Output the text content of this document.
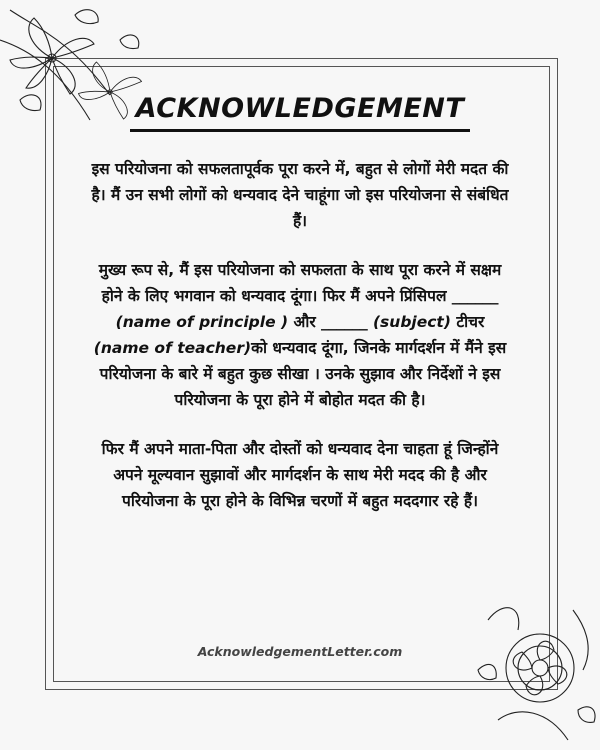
ACKNOWLEDGEMENT

इस परियोजना को सफलतापूर्वक पूरा करने में, बहुत से लोगों मेरी मदत की है। मैं उन सभी लोगों को धन्यवाद देने चाहूंगा जो इस परियोजना से संबंधित हैं।

मुख्य रूप से, मैं इस परियोजना को सफलता के साथ पूरा करने में सक्षम होने के लिए भगवान को धन्यवाद दूंगा। फिर मैं अपने प्रिंसिपल ______ (name of principle ) और ______ (subject) टीचर (name of teacher)को धन्यवाद दूंगा, जिनके मार्गदर्शन में मैंने इस परियोजना के बारे में बहुत कुछ सीखा । उनके सुझाव और निर्देशों ने इस परियोजना के पूरा होने में बोहोत मदत की है।

फिर मैं अपने माता-पिता और दोस्तों को धन्यवाद देना चाहता हूं जिन्होंने अपने मूल्यवान सुझावों और मार्गदर्शन के साथ मेरी मदद की है और परियोजना के पूरा होने के विभिन्न चरणों में बहुत मददगार रहे हैं।

AcknowledgementLetter.com
